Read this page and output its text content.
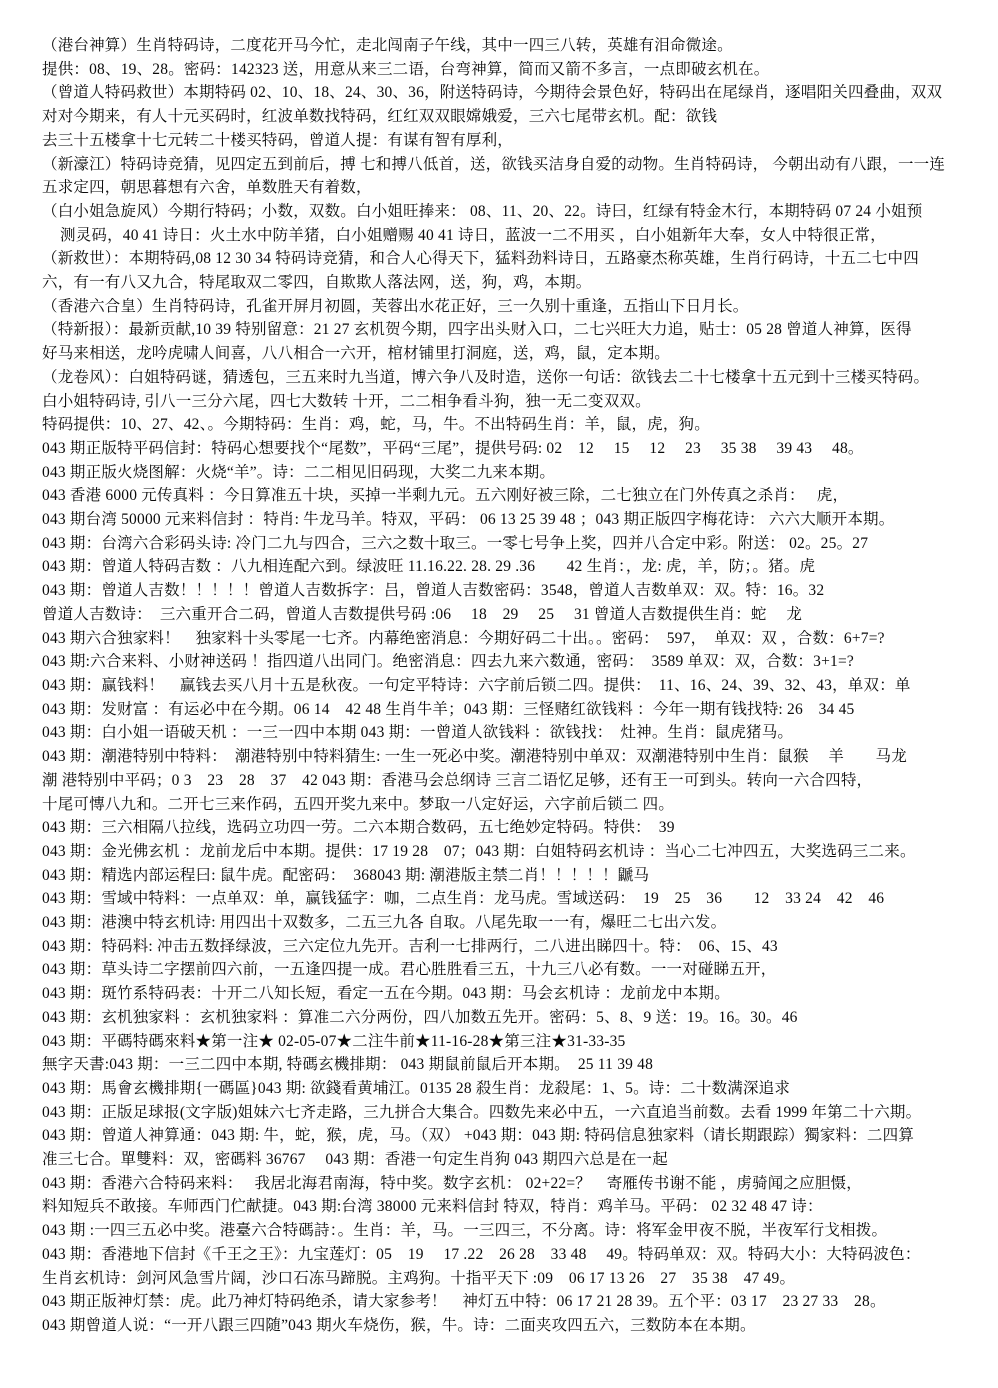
（港台神算）生肖特码诗，二度花开马今忙，走北闯南子午线，其中一四三八转，英雄有泪命微途。
提供：08、19、28。密码：142323 送，用意从来三二语，台弯神算，简而又箭不多言，一点即破玄机在。
（曾道人特码救世）本期特码 02、10、18、24、30、36，附送特码诗，今期待会景色好，特码出在尾绿肖，逐唱阳关四叠曲，双双
对对今期来，有人十元买码时，红波单数找特码，红红双双眼嫦娥爱，三六七尾带玄机。配：欲钱
去三十五楼拿十七元转二十楼买特码，曾道人提：有谋有智有厚利，
（新濠江）特码诗竞猜，见四定五到前后，搏 七和搏八低首，送，欲钱买洁身自爱的动物。生肖特码诗， 今朝出动有八跟，一一连
五求定四，朝思暮想有六舍，单数胜天有着数，
（白小姐急旋风）今期行特码；小数，双数。白小姐旺捧来： 08、11、20、22。诗曰，红绿有特金木行，本期特码 07 24 小姐预
测灵码，40 41 诗日：火土水中防羊猪，白小姐赠赐 40 41 诗日，蓝波一二不用买 ，白小姐新年大奉，女人中特很正常，
（新救世）：本期特码,08 12 30 34 特码诗竞猜，和合人心得天下，猛料劲料诗日，五路豪杰称英雄，生肖行码诗，十五二七中四
六，有一有八又九合，特尾取双二零四，自欺欺人落法网，送，狗，鸡，本期。
（香港六合皇）生肖特码诗，孔雀开屏月初圆，芙蓉出水花正好，三一久别十重逢，五指山下日月长。
（特新报）：最新贡献,10 39 特别留意：21 27 玄机贺今期，四字出头财入口，二七兴旺大力追，贴士：05 28 曾道人神算，医得
好马来相送，龙吟虎啸人间喜，八八相合一六开，棺材铺里打洞庭，送，鸡，鼠，定本期。
（龙卷风）：白姐特码谜，猜透包，三五来时九当道，博六争八及时造，送你一句话：欲钱去二十七楼拿十五元到十三楼买特码。
白小姐特码诗, 引八一三分六尾，四七大数转 十开，二二相争看斗狗，独一无二变双双。
特码提供：10、27、42、。今期特码：生肖：鸡，蛇，马，牛。不出特码生肖：羊，鼠，虎，狗。
043 期正版特平码信封：特码心想要找个“尾数”，平码“三尾”，提供号码: 02　12　 15　 12　 23　 35 38　 39 43　 48。
043 期正版火烧图解：火烧“羊”。诗：二二相见旧码现，大奖二九来本期。
043 香港 6000 元传真料 ：今日算准五十块，买掉一半剩九元。五六刚好被三除，二七独立在门外传真之杀肖：　 虎，
043 期台湾 50000 元来料信封 ：特肖: 牛龙马羊。特双，平码： 06 13 25 39 48 ；043 期正版四字梅花诗： 六六大顺开本期。
043 期：台湾六合彩码头诗: 冷门二九与四合，三六之数十取三。一零七号争上奖，四并八合定中彩。附送： 02。25。27
043 期：曾道人特码吉数 ：八九相连配六到。绿波旺 11.16.22. 28. 29 .36　　42 生肖：，龙: 虎，羊，防；。猪。虎
043 期：曾道人吉数！！！！！曾道人吉数拆字：吕，曾道人吉数密码：3548，曾道人吉数单双：双。特：16。32
曾道人吉数诗：　三六重开合二码，曾道人吉数提供号码 :06　 18　29　 25　 31 曾道人吉数提供生肖：蛇　 龙
043 期六合独家料！　独家料十头零尾一七齐。内幕绝密消息：今期好码二十出。。密码：　597，　单双：双 ，合数：6+7=?
043 期:六合来料、小财神送码 ！指四道八出同门。绝密消息：四去九来六数通，密码：　3589 单双：双，合数：3+1=?
043 期：赢钱料！　赢钱去买八月十五是秋夜。一句定平特诗：六字前后锁二四。提供：　11、16、24、39、32、43，单双：单
043 期：发财富 ：有运必中在今期。06 14　42 48 生肖牛羊；043 期：三怪赌红欲钱料 ：今年一期有钱找特: 26　34 45
043 期：白小姐一语破天机 ：一三一四中本期 043 期：一曾道人欲钱料 ：欲钱找：　灶神。生肖：鼠虎猪马。
043 期：潮港特别中特料：　潮港特别中特料猜生: 一生一死必中奖。潮港特别中单双：双潮港特别中生肖：鼠猴　 羊　　马龙
潮 港特别中平码；0 3　23　28　37　42 043 期：香港马会总纲诗 三言二语忆足够，还有王一可到头。转向一六合四特，
十尾可慱八九和。二开七三来作码，五四开奖九来中。梦取一八定好运，六字前后锁二 四。
043 期：三六相隔八拉线，选码立功四一劳。二六本期合数码，五七绝妙定特码。特供：　39
043 期：金光佛玄机 ：龙前龙后中本期。提供：17 19 28　07；043 期：白姐特码玄机诗 ：当心二七冲四五，大奖选码三二来。
043 期：精选内部运程曰: 鼠牛虎。配密码：　368043 期: 潮港版主禁二肖！！！！！鼶马
043 期：雪域中特料：一点单双：单，赢钱猛字：咖，二点生肖：龙马虎。雪域送码：　19　25　36　　12　33 24　42　46
043 期：港澳中特玄机诗: 用四出十双数多，二五三九各 自取。八尾先取一一有，爆旺二七出六发。
043 期：特码料: 冲击五数择绿波，三六定位九先开。吉利一七排两行，二八进出睇四十。特：　06、15、43
043 期：草头诗二字摆前四六前，一五逢四提一成。君心胜胜看三五，十九三八必有数。一一对碰睇五开，
043 期：斑竹系特码表：十开二八知长短，看定一五在今期。043 期：马会玄机诗 ：龙前龙中本期。
043 期：玄机独家料 ：玄机独家料 ：算准二六分两份，四八加数五先开。密码：5、8、9 送：19。16。30。46
043 期：平碼特碼來料★第一注★ 02-05-07★二注牛前★11-16-28★第三注★31-33-35
無字天書:043 期：一三二四中本期, 特碼玄機排期： 043 期鼠前鼠后开本期。　25 11 39 48
043 期：馬會玄機排期{一碼區}043 期: 欲錢看黄埔江。0135 28 殺生肖：龙殺尾：1、5。诗：二十数满深追求
043 期：正版足球报(文字版)姐妹六七齐走路，三九拼合大集合。四数先来必中五，一六直追当前数。去看 1999 年第二十六期。
043 期：曾道人神算通：043 期: 牛，蛇，猴，虎，马。（双） +043 期：043 期: 特码信息独家料（请长期跟踪）獨家料：二四算
准三七合。單雙料：双，密碼料 36767 　043 期：香港一句定生肖狗 043 期四六总是在一起
043 期：香港六合特码来料：　 我居北海君南海，特中奖。数字玄机： 02+22=？　寄雁传书谢不能 ，虏骑闻之应胆慑，
料知短兵不敢接。车师西门伫献捷。043 期:台湾 38000 元来料信封 特双，特肖：鸡羊马。平码： 02 32 48 47 诗：
043 期 :一四三五必中奖。港臺六合特碼詩：。生肖：羊，马。一三四三，不分离。诗：将军金甲夜不脱，半夜军行戈相拨。
043 期：香港地下信封《千王之王》：九宝莲灯：05　19　 17 .22　26 28　33 48　 49。特码单双：双。特码大小：大特码波色：
生肖玄机诗：剑河风急雪片阔，沙口石冻马蹄脱。主鸡狗。十指平天下 :09　06 17 13 26　27　35 38　47 49。
043 期正版神灯禁：虎。此乃神灯特码绝杀，请大家参考！　神灯五中特：06 17 21 28 39。五个平：03 17　23 27 33　28。
043 期曾道人说：“一开八跟三四随”043 期火车烧伤，猴，牛。诗：二面夹攻四五六，三数防本在本期。
